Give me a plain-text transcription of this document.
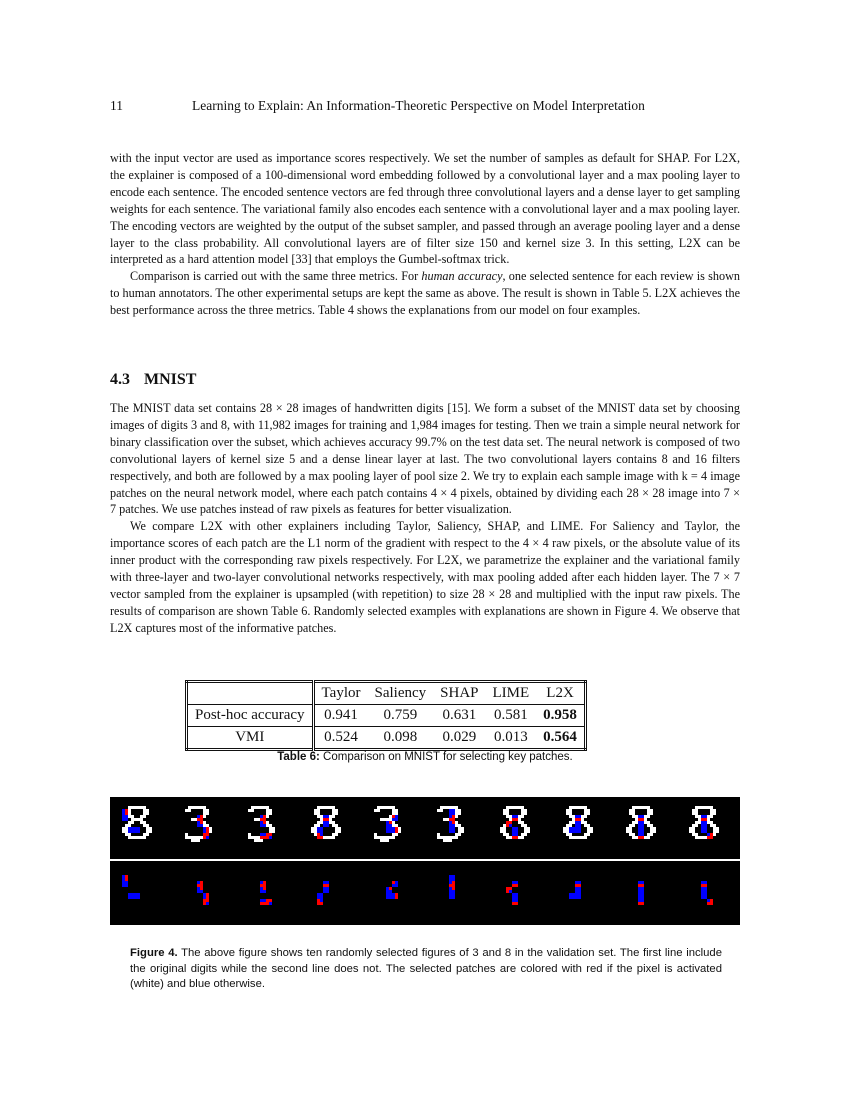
11	Learning to Explain: An Information-Theoretic Perspective on Model Interpretation

with the input vector are used as importance scores respectively. We set the number of samples as default for SHAP. For L2X, the explainer is composed of a 100-dimensional word embedding followed by a convolutional layer and a max pooling layer to encode each sentence. The encoded sentence vectors are fed through three convolutional layers and a dense layer to get sampling weights for each sentence. The variational family also encodes each sentence with a convolutional layer and a max pooling layer. The encoding vectors are weighted by the output of the subset sampler, and passed through an average pooling layer and a dense layer to the class probability. All convolutional layers are of filter size 150 and kernel size 3. In this setting, L2X can be interpreted as a hard attention model [33] that employs the Gumbel-softmax trick.

Comparison is carried out with the same three metrics. For human accuracy, one selected sentence for each review is shown to human annotators. The other experimental setups are kept the same as above. The result is shown in Table 5. L2X achieves the best performance across the three metrics. Table 4 shows the explanations from our model on four examples.

4.3 MNIST

The MNIST data set contains 28 × 28 images of handwritten digits [15]. We form a subset of the MNIST data set by choosing images of digits 3 and 8, with 11,982 images for training and 1,984 images for testing. Then we train a simple neural network for binary classification over the subset, which achieves accuracy 99.7% on the test data set. The neural network is composed of two convolutional layers of kernel size 5 and a dense linear layer at last. The two convolutional layers contains 8 and 16 filters respectively, and both are followed by a max pooling layer of pool size 2. We try to explain each sample image with k = 4 image patches on the neural network model, where each patch contains 4 × 4 pixels, obtained by dividing each 28 × 28 image into 7 × 7 patches. We use patches instead of raw pixels as features for better visualization.

We compare L2X with other explainers including Taylor, Saliency, SHAP, and LIME. For Saliency and Taylor, the importance scores of each patch are the L1 norm of the gradient with respect to the 4 × 4 raw pixels, or the absolute value of its inner product with the corresponding raw pixels respectively. For L2X, we parametrize the explainer and the variational family with three-layer and two-layer convolutional networks respectively, with max pooling added after each hidden layer. The 7 × 7 vector sampled from the explainer is upsampled (with repetition) to size 28 × 28 and multiplied with the input raw pixels. The results of comparison are shown Table 6. Randomly selected examples with explanations are shown in Figure 4. We observe that L2X captures most of the informative patches.

	Taylor	Saliency	SHAP	LIME	L2X
Post-hoc accuracy	0.941	0.759	0.631	0.581	0.958
VMI	0.524	0.098	0.029	0.013	0.564
Table 6: Comparison on MNIST for selecting key patches.
Figure 4. The above figure shows ten randomly selected figures of 3 and 8 in the validation set. The first line include the original digits while the second line does not. The selected patches are colored with red if the pixel is activated (white) and blue otherwise.
